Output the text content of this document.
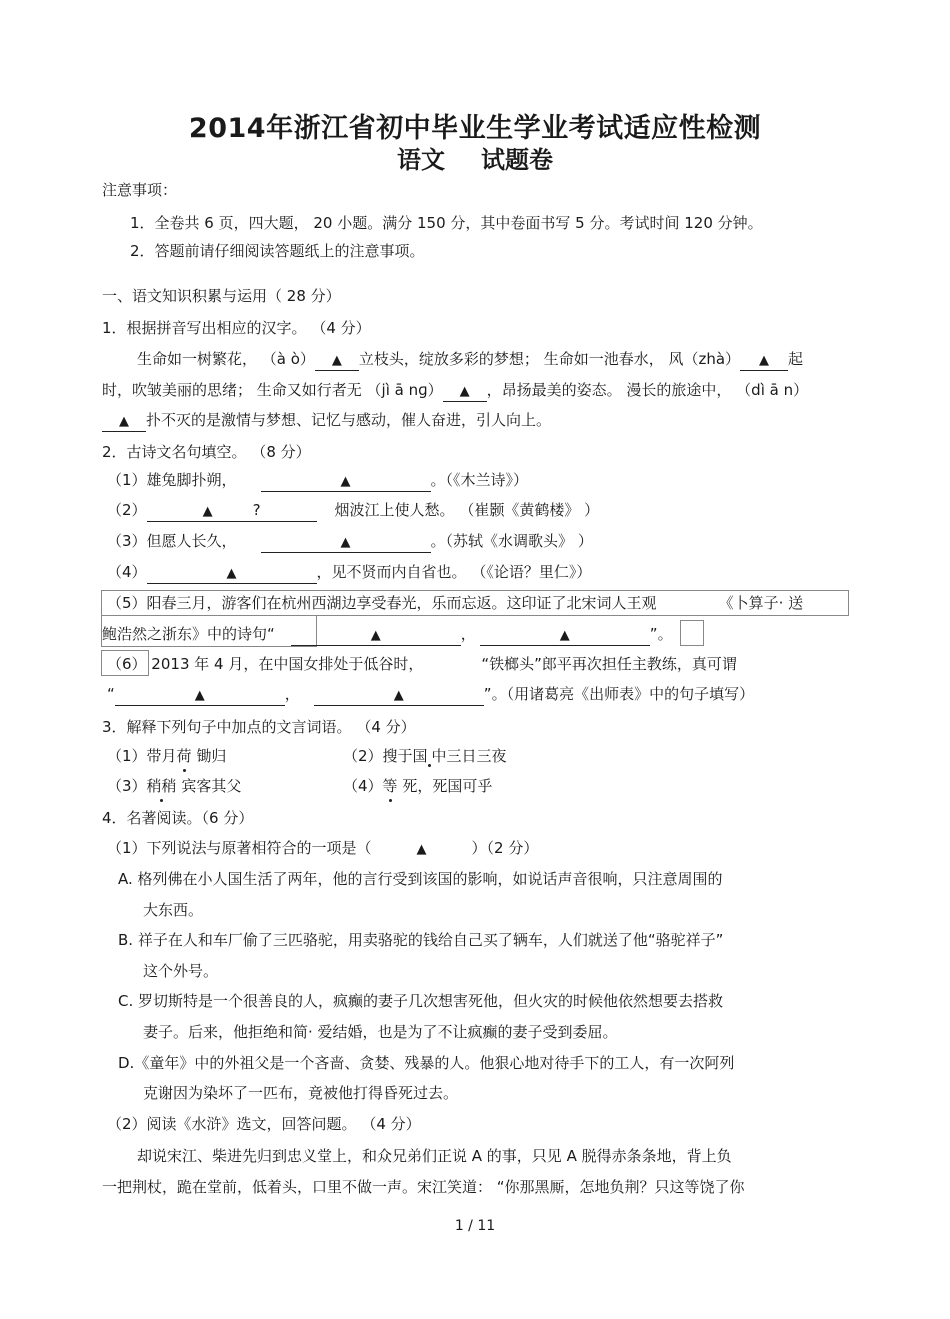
2014年浙江省初中毕业生学业考试适应性检测
语文 试题卷
注意事项：
1．全卷共 6 页，四大题， 20 小题。满分 150 分，其中卷面书写 5 分。考试时间 120 分钟。
2．答题前请仔细阅读答题纸上的注意事项。
一、语文知识积累与运用（ 28 分）
1．根据拼音写出相应的汉字。 （4 分）
生命如一树繁花， （à ò） ▲ 立枝头，绽放多彩的梦想； 生命如一池春水， 风（zhà） ▲ 起
时，吹皱美丽的思绪； 生命又如行者无 （jì ā nɡ） ▲ ，昂扬最美的姿态。 漫长的旅途中， （dì ā n）
▲ 扑不灭的是激情与梦想、记忆与感动，催人奋进，引人向上。
2．古诗文名句填空。 （8 分）
（1）雄兔脚扑朔，	▲	。（《木兰诗》）
（2）	▲	?	烟波江上使人愁。 （崔颢《黄鹤楼》 ）
（3）但愿人长久，	▲	。（苏轼《水调歌头》 ）
（4）	▲	，见不贤而内自省也。 （《论语？里仁》）
（5）阳春三月，游客们在杭州西湖边享受春光，乐而忘返。这印证了北宋词人王观	《卜算子· 送
鲍浩然之浙东》中的诗句“	▲	，	▲	”。
（6） 2013 年 4 月，在中国女排处于低谷时，	“铁榔头”郎平再次担任主教练，真可谓
“	▲	，	▲	”。（用诸葛亮《出师表》中的句子填写）
3．解释下列句子中加点的文言词语。 （4 分）
（1）带月荷 锄归	（2）搜于国 中三日三夜
（3）稍稍 宾客其父	（4）等 死，死国可乎
4．名著阅读。（6 分）
（1）下列说法与原著相符合的一项是（	▲	）（2 分）
A. 格列佛在小人国生活了两年，他的言行受到该国的影响，如说话声音很响，只注意周围的
大东西。
B. 祥子在人和车厂偷了三匹骆驼，用卖骆驼的钱给自己买了辆车，人们就送了他“骆驼祥子”
这个外号。
C. 罗切斯特是一个很善良的人，疯癫的妻子几次想害死他，但火灾的时候他依然想要去搭救
妻子。后来，他拒绝和简· 爱结婚，也是为了不让疯癫的妻子受到委屈。
D.《童年》中的外祖父是一个吝啬、贪婪、残暴的人。他狠心地对待手下的工人，有一次阿列
克谢因为染坏了一匹布，竟被他打得昏死过去。
（2）阅读《水浒》选文，回答问题。 （4 分）
却说宋江、柴进先归到忠义堂上，和众兄弟们正说 A 的事，只见 A 脱得赤条条地，背上负
一把荆杖，跪在堂前，低着头，口里不做一声。宋江笑道： “你那黑厮，怎地负荆？只这等饶了你
1 / 11
